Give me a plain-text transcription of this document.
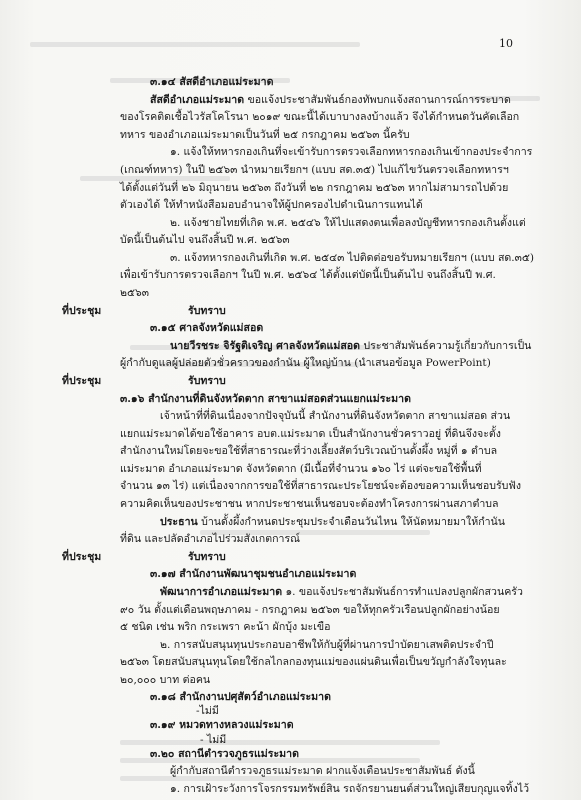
10
๓.๑๔ สัสดีอำเภอแม่ระมาด
สัสดีอำเภอแม่ระมาด ขอแจ้งประชาสัมพันธ์กองทัพบกแจ้งสถานการณ์การระบาด
ของโรคติดเชื้อไวรัสโคโรนา ๒๐๑๙ ขณะนี้ได้เบาบางลงบ้างแล้ว จึงได้กำหนดวันคัดเลือก
ทหาร ของอำเภอแม่ระมาดเป็นวันที่ ๒๕ กรกฎาคม ๒๕๖๓ นี้ครับ
๑. แจ้งให้ทหารกองเกินที่จะเข้ารับการตรวจเลือกทหารกองเกินเข้ากองประจำการ
(เกณฑ์ทหาร) ในปี ๒๕๖๓ นำหมายเรียกฯ (แบบ สด.๓๕) ไปแก้ไขวันตรวจเลือกทหารฯ
ได้ตั้งแต่วันที่ ๒๖ มิถุนายน ๒๕๖๓ ถึงวันที่ ๒๒ กรกฎาคม ๒๕๖๓ หากไม่สามารถไปด้วย
ตัวเองได้ ให้ทำหนังสือมอบอำนาจให้ผู้ปกครองไปดำเนินการแทนได้
๒. แจ้งชายไทยที่เกิด พ.ศ. ๒๕๔๖ ให้ไปแสดงตนเพื่อลงบัญชีทหารกองเกินตั้งแต่
บัดนี้เป็นต้นไป จนถึงสิ้นปี พ.ศ. ๒๕๖๓
๓. แจ้งทหารกองเกินที่เกิด พ.ศ. ๒๕๔๓ ไปติดต่อขอรับหมายเรียกฯ (แบบ สด.๓๕)
เพื่อเข้ารับการตรวจเลือกฯ ในปี พ.ศ. ๒๕๖๔ ได้ตั้งแต่บัดนี้เป็นต้นไป จนถึงสิ้นปี พ.ศ.
๒๕๖๓
ที่ประชุม	รับทราบ
๓.๑๕ ศาลจังหวัดแม่สอด
นายวีรชระ จิรัฐติเจริญ ศาลจังหวัดแม่สอด ประชาสัมพันธ์ความรู้เกี่ยวกับการเป็น
ผู้กำกับดูแลผู้ปล่อยตัวชั่วคราวของกำนัน ผู้ใหญ่บ้าน (นำเสนอข้อมูล PowerPoint)
ที่ประชุม	รับทราบ
๓.๑๖ สำนักงานที่ดินจังหวัดตาก สาขาแม่สอดส่วนแยกแม่ระมาด
เจ้าหน้าที่ที่ดินเนื่องจากปัจจุบันนี้ สำนักงานที่ดินจังหวัดตาก สาขาแม่สอด ส่วน
แยกแม่ระมาดได้ขอใช้อาคาร อบต.แม่ระมาด เป็นสำนักงานชั่วคราวอยู่ ที่ดินจึงจะตั้ง
สำนักงานใหม่โดยจะขอใช้ที่สาธารณะที่ว่างเลี้ยงสัตว์บริเวณบ้านดั้งผึ้ง หมู่ที่ ๑ ตำบล
แม่ระมาด อำเภอแม่ระมาด จังหวัดตาก (มีเนื้อที่จำนวน ๑๖๐ ไร่ แต่จะขอใช้พื้นที่
จำนวน ๑๓ ไร่) แต่เนื่องจากการขอใช้ที่สาธารณะประโยชน์จะต้องขอความเห็นชอบรับฟัง
ความคิดเห็นของประชาชน หากประชาชนเห็นชอบจะต้องทำโครงการผ่านสภาตำบล
ประธาน บ้านดั้งผึ้งกำหนดประชุมประจำเดือนวันไหน ให้นัดหมายมาให้กำนัน
ที่ดิน และปลัดอำเภอไปร่วมสังเกตการณ์
ที่ประชุม	รับทราบ
๓.๑๗ สำนักงานพัฒนาชุมชนอำเภอแม่ระมาด
พัฒนาการอำเภอแม่ระมาด ๑. ขอแจ้งประชาสัมพันธ์การทำแปลงปลูกผักสวนครัว
๙๐ วัน ตั้งแต่เดือนพฤษภาคม - กรกฎาคม ๒๕๖๓ ขอให้ทุกครัวเรือนปลูกผักอย่างน้อย
๕ ชนิด เช่น พริก กระเพรา คะน้า ผักบุ้ง มะเขือ
๒. การสนับสนุนทุนประกอบอาชีพให้กับผู้ที่ผ่านการบำบัดยาเสพติดประจำปี
๒๕๖๓ โดยสนับสนุนทุนโดยใช้กลไกลกองทุนแม่ของแผ่นดินเพื่อเป็นขวัญกำลังใจทุนละ
๒๐,๐๐๐ บาท ต่อคน
๓.๑๘ สำนักงานปศุสัตว์อำเภอแม่ระมาด
-ไม่มี
๓.๑๙ หมวดทางหลวงแม่ระมาด
- ไม่มี
๓.๒๐ สถานีตำรวจภูธรแม่ระมาด
ผู้กำกับสถานีตำรวจภูธรแม่ระมาด ฝากแจ้งเตือนประชาสัมพันธ์ ดังนี้
๑. การเฝ้าระวังการโจรกรรมทรัพย์สิน รถจักรยานยนต์ส่วนใหญ่เสียบกุญแจทิ้งไว้
